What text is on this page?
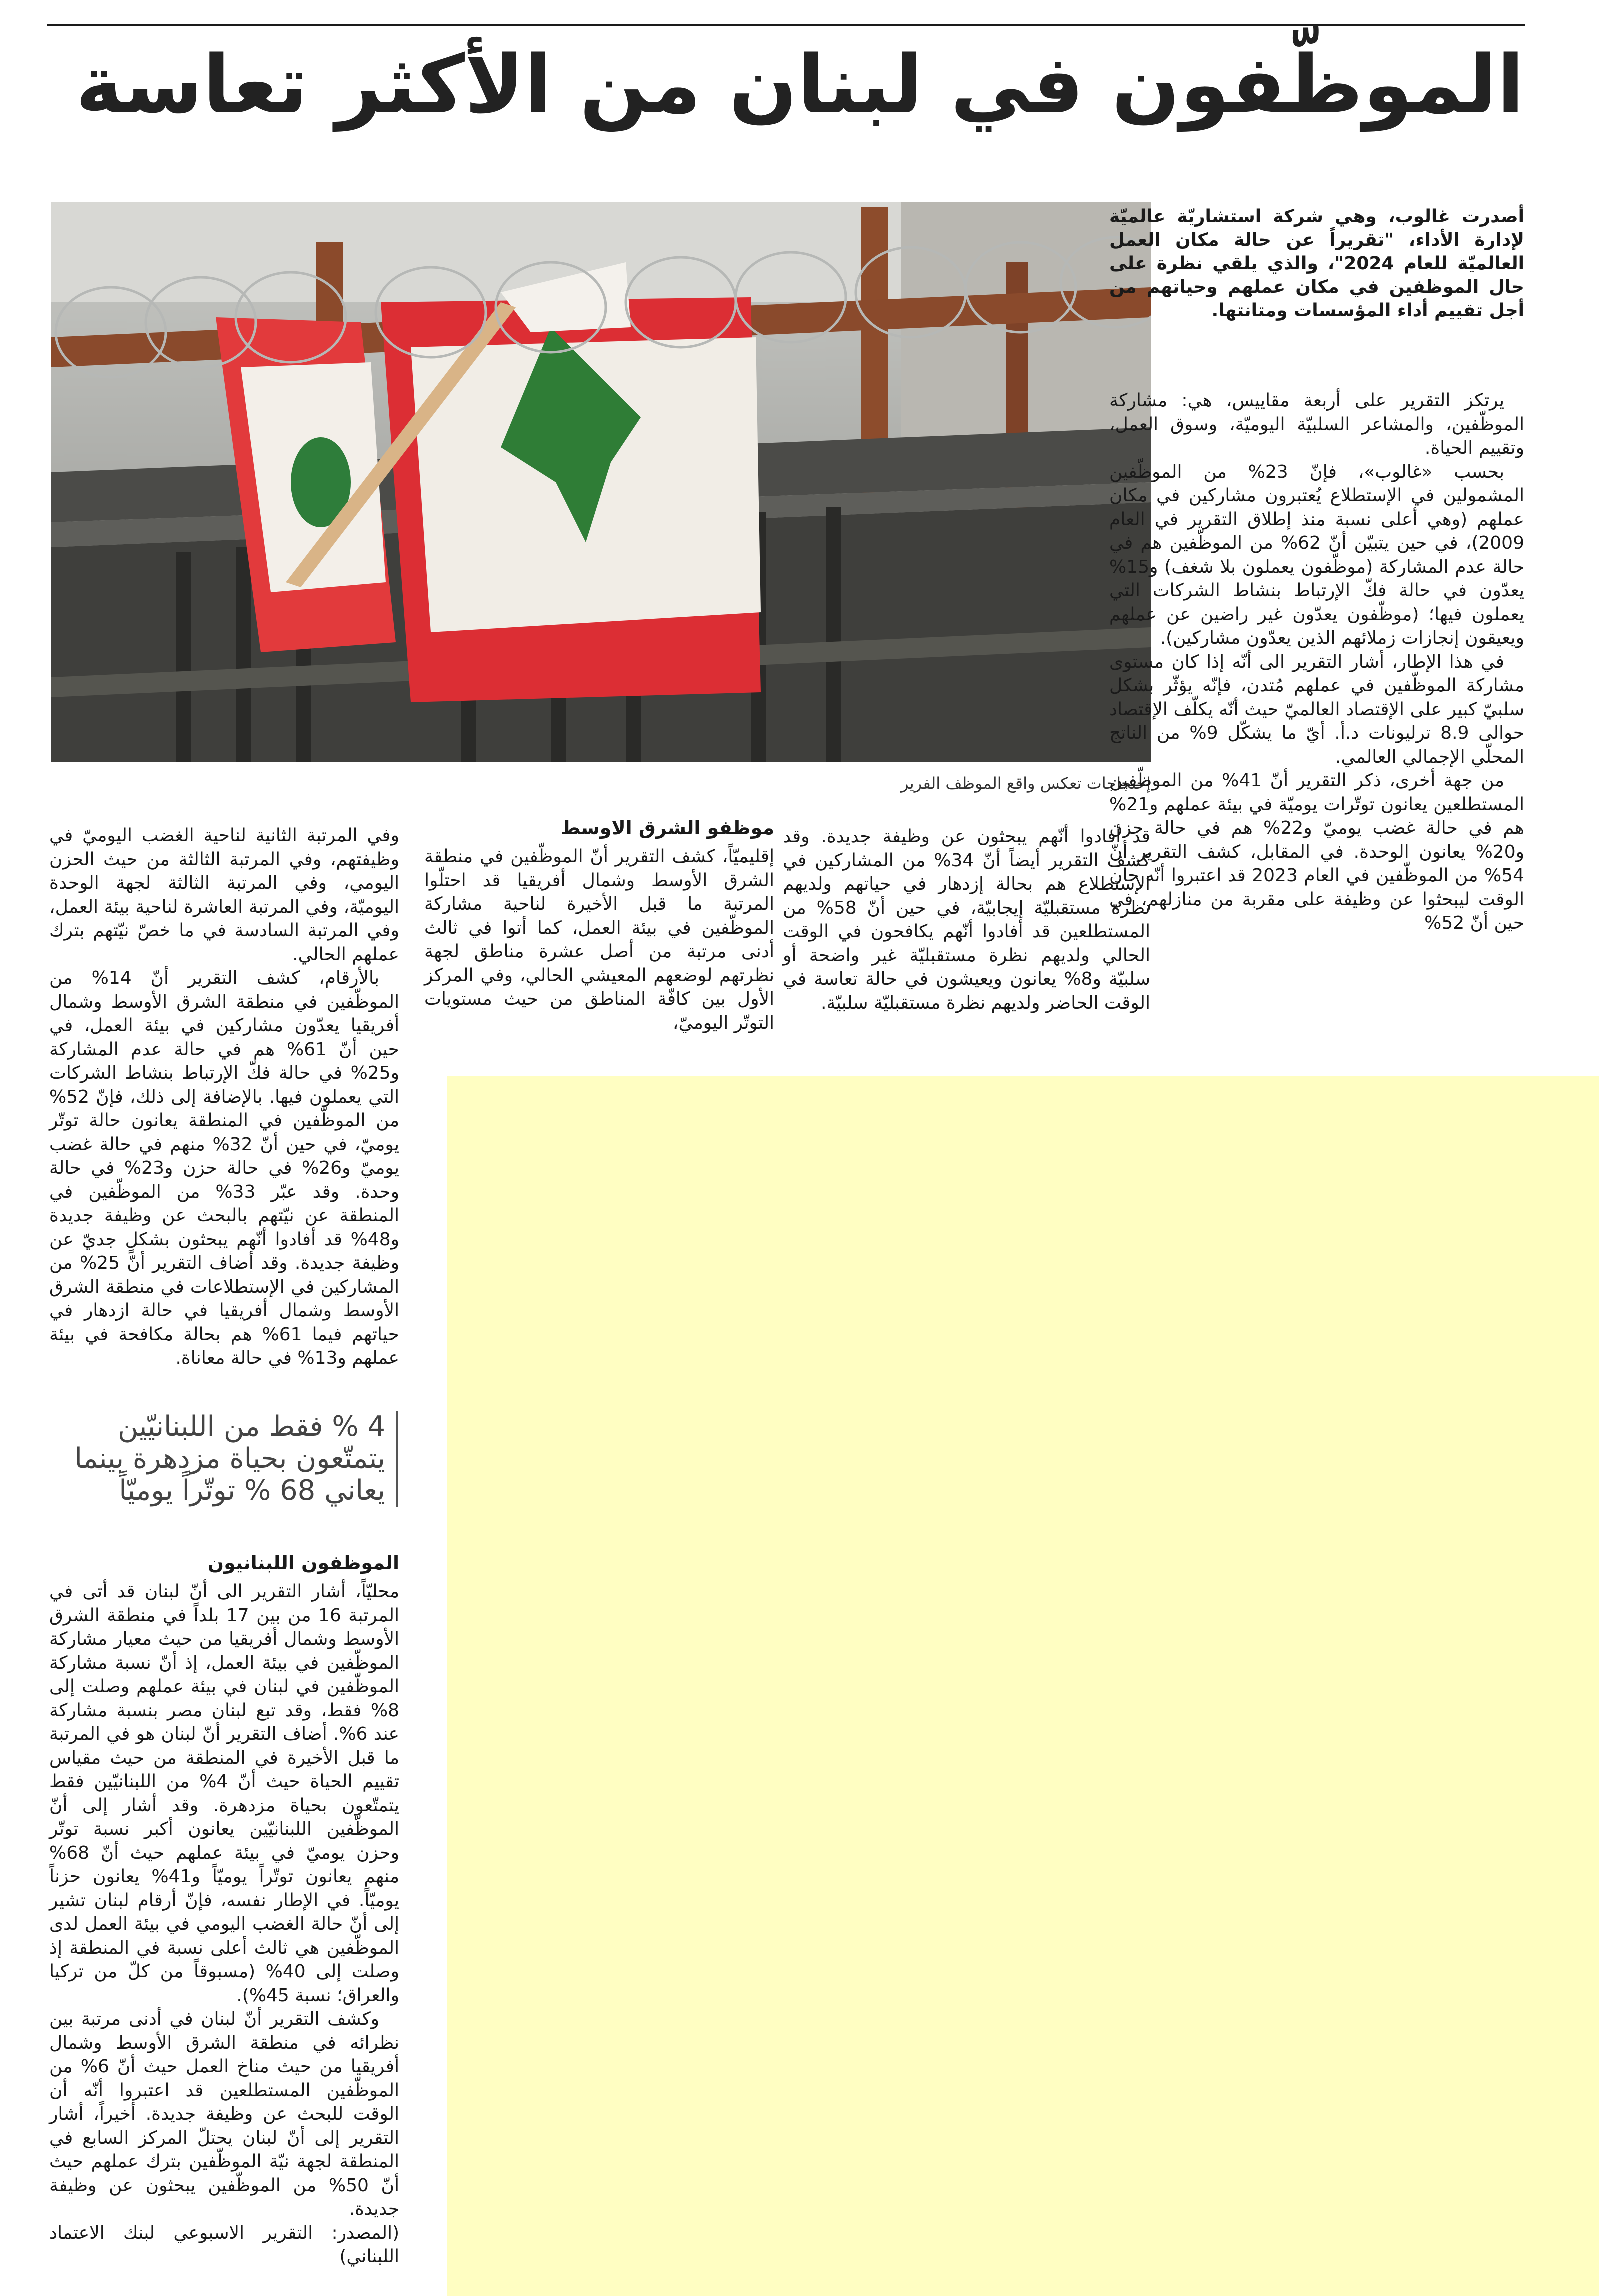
الموظّفون في لبنان من الأكثر تعاسة
إحتجاجات تعكس واقع الموظف الفرير

أصدرت غالوب، وهي شركة استشاريّة عالميّة لإدارة الأداء، "تقريراً عن حالة مكان العمل العالميّة للعام 2024"، والذي يلقي نظرة على حال الموظفين في مكان عملهم وحياتهم من أجل تقييم أداء المؤسسات ومتانتها.

يرتكز التقرير على أربعة مقاييس، هي: مشاركة الموظّفين، والمشاعر السلبيّة اليوميّة، وسوق العمل، وتقييم الحياة.

بحسب «غالوب»، فإنّ 23% من الموظّفين المشمولين في الإستطلاع يُعتبرون مشاركين في مكان عملهم (وهي أعلى نسبة منذ إطلاق التقرير في العام 2009)، في حين يتبيّن أنّ 62% من الموظّفين هم في حالة عدم المشاركة (موظّفون يعملون بلا شغف) و15% يعدّون في حالة فكّ الإرتباط بنشاط الشركات التي يعملون فيها؛ (موظّفون يعدّون غير راضين عن عملهم ويعيقون إنجازات زملائهم الذين يعدّون مشاركين).

في هذا الإطار، أشار التقرير الى أنّه إذا كان مستوى مشاركة الموظّفين في عملهم مُتدن، فإنّه يؤثّر بشكل سلبيّ كبير على الإقتصاد العالميّ حيث أنّه يكلّف الإقتصاد حوالى 8.9 ترليونات د.أ. أيّ ما يشكّل 9% من الناتج المحلّي الإجمالي العالمي.

من جهة أخرى، ذكر التقرير أنّ 41% من الموظّفين المستطلعين يعانون توتّرات يوميّة في بيئة عملهم و21% هم في حالة غضب يوميّ و22% هم في حالة حزن و20% يعانون الوحدة. في المقابل، كشف التقرير أنّ 54% من الموظّفين في العام 2023 قد اعتبروا أنّه حان الوقت ليبحثوا عن وظيفة على مقربة من منازلهم، في حين أنّ 52%

قد أفادوا أنّهم يبحثون عن وظيفة جديدة. وقد كشف التقرير أيضاً أنّ 34% من المشاركين في الإستطلاع هم بحالة إزدهار في حياتهم ولديهم نظرة مستقبليّة إيجابيّة، في حين أنّ 58% من المستطلعين قد أفادوا أنّهم يكافحون في الوقت الحالي ولديهم نظرة مستقبليّة غير واضحة أو سلبيّة و8% يعانون ويعيشون في حالة تعاسة في الوقت الحاضر ولديهم نظرة مستقبليّة سلبيّة.

موظفو الشرق الاوسط

إقليميّاً، كشف التقرير أنّ الموظّفين في منطقة الشرق الأوسط وشمال أفريقيا قد احتلّوا المرتبة ما قبل الأخيرة لناحية مشاركة الموظّفين في بيئة العمل، كما أتوا في ثالث أدنى مرتبة من أصل عشرة مناطق لجهة نظرتهم لوضعهم المعيشي الحالي، وفي المركز الأول بين كافّة المناطق من حيث مستويات التوتّر اليوميّ،

وفي المرتبة الثانية لناحية الغضب اليوميّ في وظيفتهم، وفي المرتبة الثالثة من حيث الحزن اليومي، وفي المرتبة الثالثة لجهة الوحدة اليوميّة، وفي المرتبة العاشرة لناحية بيئة العمل، وفي المرتبة السادسة في ما خصّ نيّتهم بترك عملهم الحالي.

بالأرقام، كشف التقرير أنّ 14% من الموظّفين في منطقة الشرق الأوسط وشمال أفريقيا يعدّون مشاركين في بيئة العمل، في حين أنّ 61% هم في حالة عدم المشاركة و25% في حالة فكّ الإرتباط بنشاط الشركات التي يعملون فيها. بالإضافة إلى ذلك، فإنّ 52% من الموظّفين في المنطقة يعانون حالة توتّر يوميّ، في حين أنّ 32% منهم في حالة غضب يوميّ و26% في حالة حزن و23% في حالة وحدة. وقد عبّر 33% من الموظّفين في المنطقة عن نيّتهم بالبحث عن وظيفة جديدة و48% قد أفادوا أنّهم يبحثون بشكلٍ جديّ عن وظيفة جديدة. وقد أضاف التقرير أنّ 25% من المشاركين في الإستطلاعات في منطقة الشرق الأوسط وشمال أفريقيا في حالة ازدهار في حياتهم فيما 61% هم بحالة مكافحة في بيئة عملهم و13% في حالة معاناة.

4 % فقط من اللبنانيّين يتمتّعون بحياة مزدهرة بينما يعاني 68 % توتّراً يوميّاً
الموظفون اللبنانيون

محليّاً، أشار التقرير الى أنّ لبنان قد أتى في المرتبة 16 من بين 17 بلداً في منطقة الشرق الأوسط وشمال أفريقيا من حيث معيار مشاركة الموظّفين في بيئة العمل، إذ أنّ نسبة مشاركة الموظّفين في لبنان في بيئة عملهم وصلت إلى 8% فقط، وقد تبع لبنان مصر بنسبة مشاركة عند 6%. أضاف التقرير أنّ لبنان هو في المرتبة ما قبل الأخيرة في المنطقة من حيث مقياس تقييم الحياة حيث أنّ 4% من اللبنانيّين فقط يتمتّعون بحياة مزدهرة. وقد أشار إلى أنّ الموظّفين اللبنانيّين يعانون أكبر نسبة توتّر وحزن يوميّ في بيئة عملهم حيث أنّ 68% منهم يعانون توتّراً يوميّاً و41% يعانون حزناً يوميّاً. في الإطار نفسه، فإنّ أرقام لبنان تشير إلى أنّ حالة الغضب اليومي في بيئة العمل لدى الموظّفين هي ثالث أعلى نسبة في المنطقة إذ وصلت إلى 40% (مسبوقاً من كلّ من تركيا والعراق؛ نسبة 45%).

وكشف التقرير أنّ لبنان في أدنى مرتبة بين نظرائه في منطقة الشرق الأوسط وشمال أفريقيا من حيث مناخ العمل حيث أنّ 6% من الموظّفين المستطلعين قد اعتبروا أنّه أن الوقت للبحث عن وظيفة جديدة. أخيراً، أشار التقرير إلى أنّ لبنان يحتلّ المركز السابع في المنطقة لجهة نيّة الموظّفين بترك عملهم حيث أنّ 50% من الموظّفين يبحثون عن وظيفة جديدة.

(المصدر: التقرير الاسبوعي لبنك الاعتماد اللبناني)
